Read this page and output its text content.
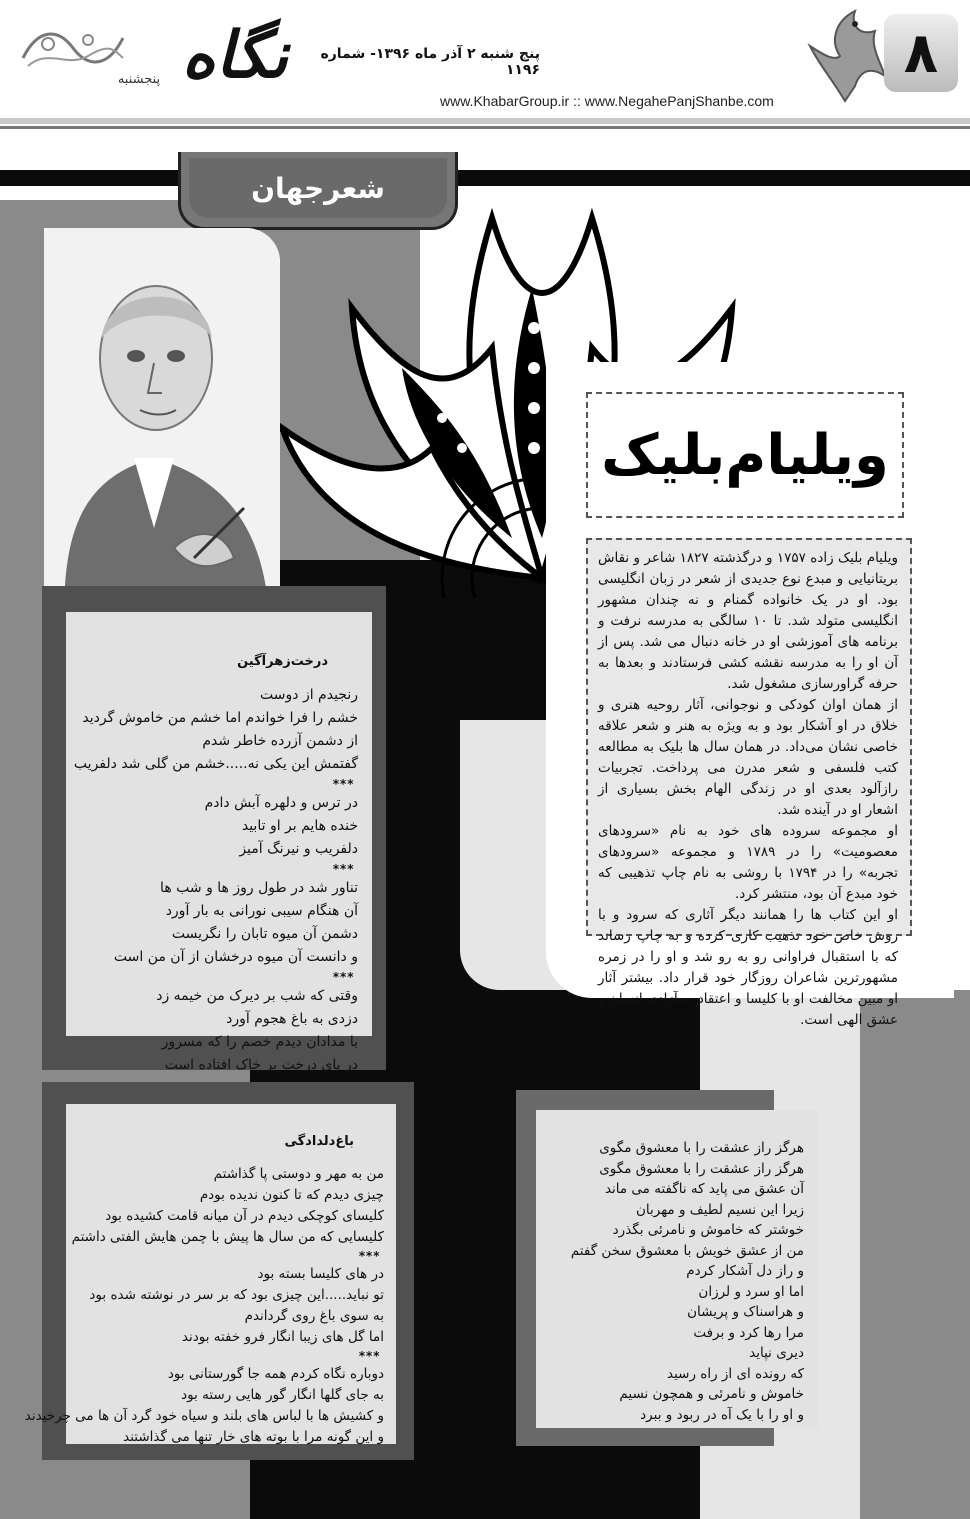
نگاه
پنجشنبه
پنج شنبه ۲ آذر ماه ۱۳۹۶- شماره ۱۱۹۶
www.KhabarGroup.ir :: www.NegahePanjShanbe.com
۸
شعرجهان
درخت‌زهرآگین
رنجیدم از دوست
خشم را فرا خواندم اما خشم من خاموش گردید
از دشمن آزرده خاطر شدم
گفتمش این یکی نه.....خشم من گلی شد دلفریب
***
در ترس و دلهره آبش دادم
خنده هایم بر او تابید
دلفریب و نیرنگ آمیز
***
تناور شد در طول روز ها و شب ها
آن هنگام سیبی نورانی به بار آورد
دشمن آن میوه تابان را نگریست
و دانست آن میوه درخشان از آن من است
***
وقتی که شب بر دیرک من خیمه زد
دزدی به باغ هجوم آورد
با مدادان دیدم خصم را که مسرور
در پای درخت بر خاک افتاده است
ویلیام‌بلیک
ویلیام بلیک زاده ۱۷۵۷ و درگذشته ۱۸۲۷ شاعر و نقاش بریتانیایی و مبدع نوع جدیدی از شعر در زبان انگلیسی بود. او در یک خانواده گمنام و نه چندان مشهور انگلیسی متولد شد. تا ۱۰ سالگی به مدرسه نرفت و برنامه های آموزشی او در خانه دنبال می شد. پس از آن او را به مدرسه نقشه کشی فرستادند و بعدها به حرفه گراورسازی مشغول شد.
از همان اوان کودکی و نوجوانی، آثار روحیه هنری و خلاق در او آشکار بود و به ویژه به هنر و شعر علاقه خاصی نشان می‌داد. در همان سال ها بلیک به مطالعه کتب فلسفی و شعر مدرن می پرداخت. تجربیات رازآلود بعدی او در زندگی الهام بخش بسیاری از اشعار او در آینده شد.
او مجموعه سروده های خود به نام «سرودهای معصومیت» را در ۱۷۸۹ و مجموعه «سرودهای تجربه» را در ۱۷۹۴ با روشی به نام چاپ تذهیبی که خود مبدع آن بود، منتشر کرد.
او این کتاب ها را همانند دیگر آثاری که سرود و با روش خاص خود تذهیب کاری کرده و به چاپ رساند که با استقبال فراوانی رو به رو شد و او را در زمره مشهورترین شاعران روزگار خود قرار داد. بیشتر آثار او مبین مخالفت او با کلیسا و اعتقاد به آزادی انسان و عشق الهی است.
باغ‌دلدادگی
من به مهر و دوستی پا گذاشتم
چیزی دیدم که تا کنون ندیده بودم
کلیسای کوچکی دیدم در آن میانه قامت کشیده بود
کلیسایی که من سال ها پیش با چمن هایش الفتی داشتم
***
در های کلیسا بسته بود
تو نباید.....این چیزی بود که بر سر در نوشته شده بود
به سوی باغ روی گرداندم
اما گل های زیبا انگار فرو خفته بودند
***
دوباره نگاه کردم همه جا گورستانی بود
به جای گلها انگار گور هایی رسته بود
و کشیش ها با لباس های بلند و سیاه خود گرد آن ها می چرخیدند
و این گونه مرا با بوته های خار تنها می گذاشتند
هرگز راز عشقت را با معشوق مگوی
هرگز راز عشقت را با معشوق مگوی
آن عشق می پاید که ناگفته می ماند
زیرا این نسیم لطیف و مهربان
خوشتر که خاموش و نامرئی بگذرد
من از عشق خویش با معشوق سخن گفتم
و راز دل آشکار کردم
اما او سرد و لرزان
و هراسناک و پریشان
مرا رها کرد و برفت
دیری نپاید
که رونده ای از راه رسید
خاموش و نامرئی و همچون نسیم
و او را با یک آه در ربود و ببرد
